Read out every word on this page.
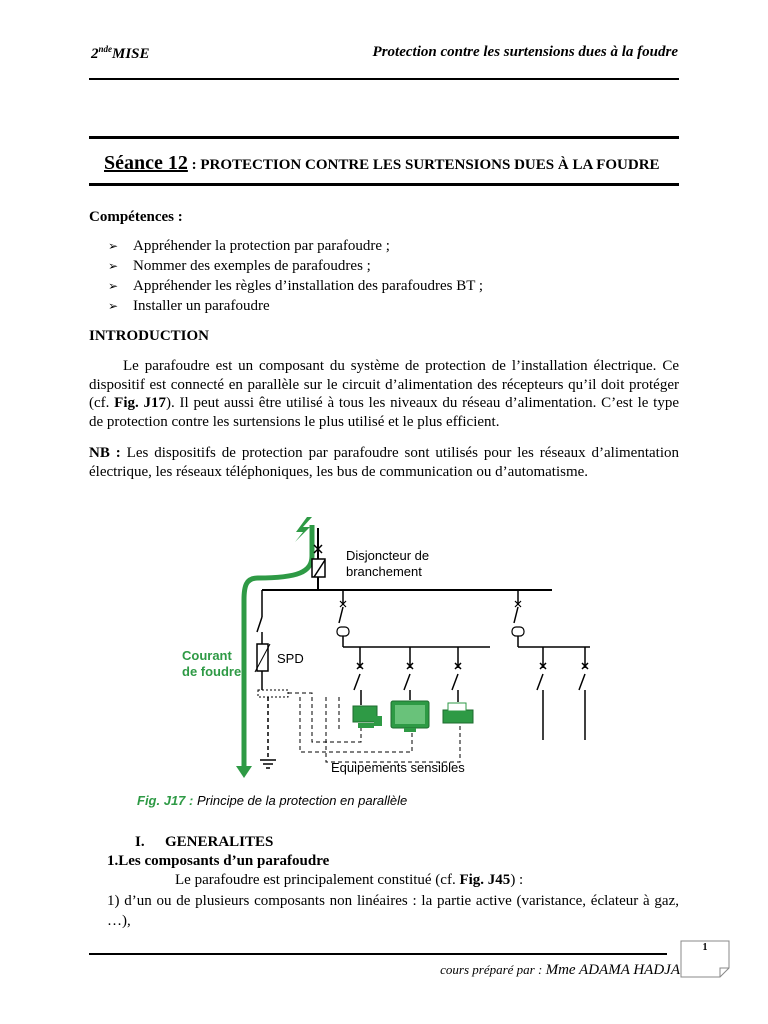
2ndeMISE	Protection contre les surtensions dues à la foudre
Séance 12 : PROTECTION CONTRE LES SURTENSIONS DUES À LA FOUDRE
Compétences :
➢ Appréhender la protection par parafoudre ;
➢ Nommer des exemples de parafoudres ;
➢ Appréhender les règles d’installation des parafoudres BT ;
➢ Installer un parafoudre
INTRODUCTION

Le parafoudre est un composant du système de protection de l’installation électrique. Ce dispositif est connecté en parallèle sur le circuit d’alimentation des récepteurs qu’il doit protéger (cf. Fig. J17). Il peut aussi être utilisé à tous les niveaux du réseau d’alimentation. C’est le type de protection contre les surtensions le plus utilisé et le plus efficient.

NB : Les dispositifs de protection par parafoudre sont utilisés pour les réseaux d’alimentation électrique, les réseaux téléphoniques, les bus de communication ou d’automatisme.

Disjoncteur de
branchement
Courant
de foudre
SPD
Equipements sensibles
Fig. J17 : Principe de la protection en parallèle
I. GENERALITES
1.Les composants d’un parafoudre
Le parafoudre est principalement constitué (cf. Fig. J45) :
1) d’un ou de plusieurs composants non linéaires : la partie active (varistance, éclateur à gaz, …),
cours préparé par : Mme ADAMA HADJA
1
